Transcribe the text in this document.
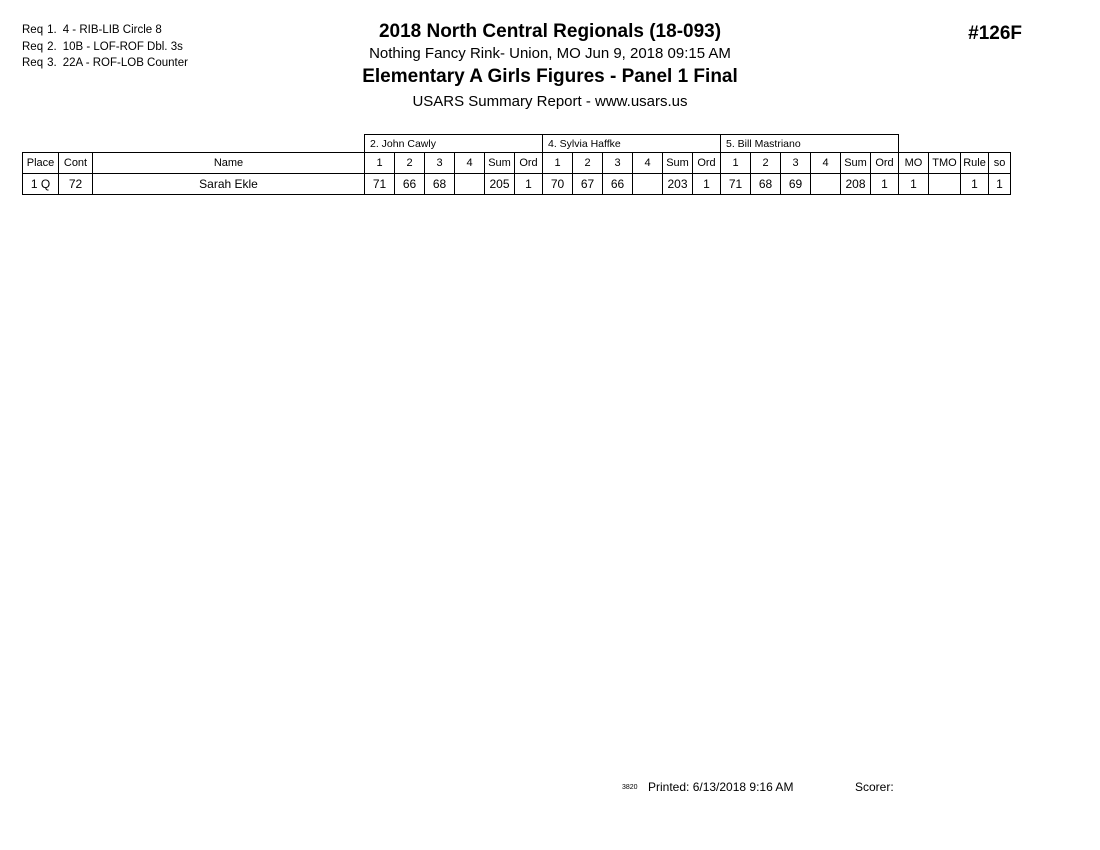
Req 1. 4 - RIB-LIB Circle 8
Req 2. 10B - LOF-ROF Dbl. 3s
Req 3. 22A - ROF-LOB Counter
2018 North Central Regionals (18-093)
Nothing Fancy Rink- Union, MO Jun 9, 2018 09:15 AM
Elementary A Girls Figures - Panel 1 Final
USARS Summary Report - www.usars.us
#126F
			2. John Cawly						4. Sylvia Haffke						5. Bill Mastriano									
Place	Cont	Name	1	2	3	4	Sum	Ord	1	2	3	4	Sum	Ord	1	2	3	4	Sum	Ord	MO	TMO	Rule	so
1 Q	72	Sarah Ekle	71	66	68		205	1	70	67	66		203	1	71	68	69		208	1	1		1	1
3820 Printed: 6/13/2018 9:16 AM	Scorer:
